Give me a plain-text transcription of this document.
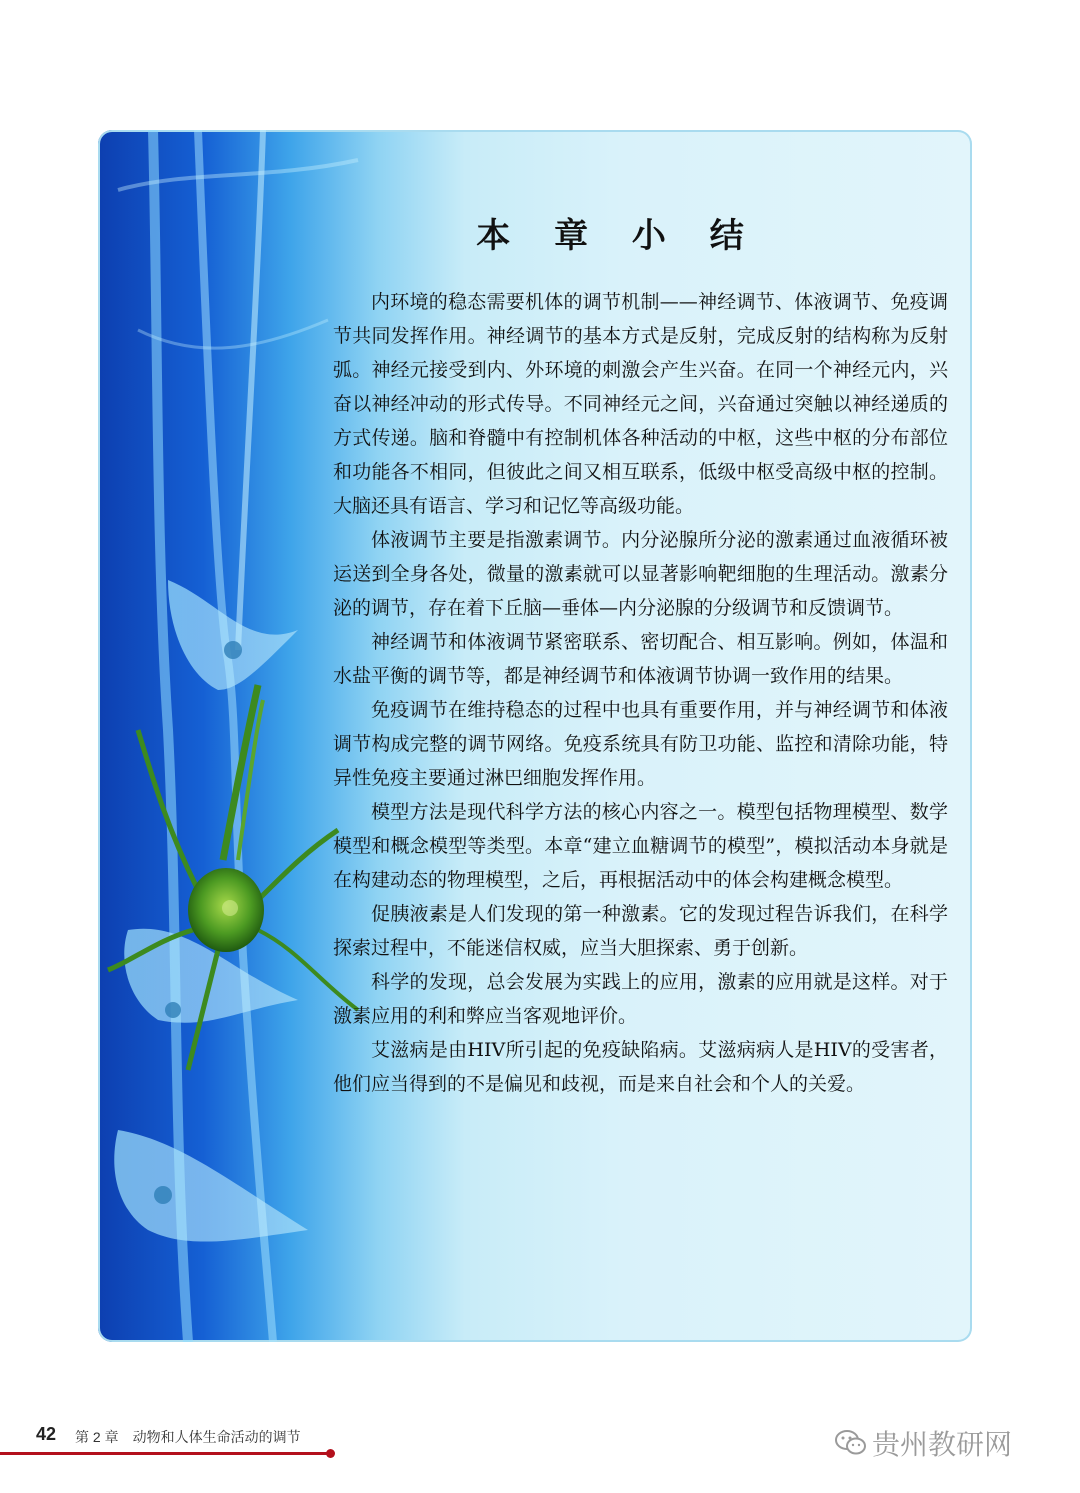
本 章 小 结

内环境的稳态需要机体的调节机制——神经调节、体液调节、免疫调节共同发挥作用。神经调节的基本方式是反射，完成反射的结构称为反射弧。神经元接受到内、外环境的刺激会产生兴奋。在同一个神经元内，兴奋以神经冲动的形式传导。不同神经元之间，兴奋通过突触以神经递质的方式传递。脑和脊髓中有控制机体各种活动的中枢，这些中枢的分布部位和功能各不相同，但彼此之间又相互联系，低级中枢受高级中枢的控制。大脑还具有语言、学习和记忆等高级功能。

体液调节主要是指激素调节。内分泌腺所分泌的激素通过血液循环被运送到全身各处，微量的激素就可以显著影响靶细胞的生理活动。激素分泌的调节，存在着下丘脑—垂体—内分泌腺的分级调节和反馈调节。

神经调节和体液调节紧密联系、密切配合、相互影响。例如，体温和水盐平衡的调节等，都是神经调节和体液调节协调一致作用的结果。

免疫调节在维持稳态的过程中也具有重要作用，并与神经调节和体液调节构成完整的调节网络。免疫系统具有防卫功能、监控和清除功能，特异性免疫主要通过淋巴细胞发挥作用。

模型方法是现代科学方法的核心内容之一。模型包括物理模型、数学模型和概念模型等类型。本章“建立血糖调节的模型”，模拟活动本身就是在构建动态的物理模型，之后，再根据活动中的体会构建概念模型。

促胰液素是人们发现的第一种激素。它的发现过程告诉我们，在科学探索过程中，不能迷信权威，应当大胆探索、勇于创新。

科学的发现，总会发展为实践上的应用，激素的应用就是这样。对于激素应用的利和弊应当客观地评价。

艾滋病是由HIV所引起的免疫缺陷病。艾滋病病人是HIV的受害者，他们应当得到的不是偏见和歧视，而是来自社会和个人的关爱。

42 第 2 章　动物和人体生命活动的调节	贵州教研网
